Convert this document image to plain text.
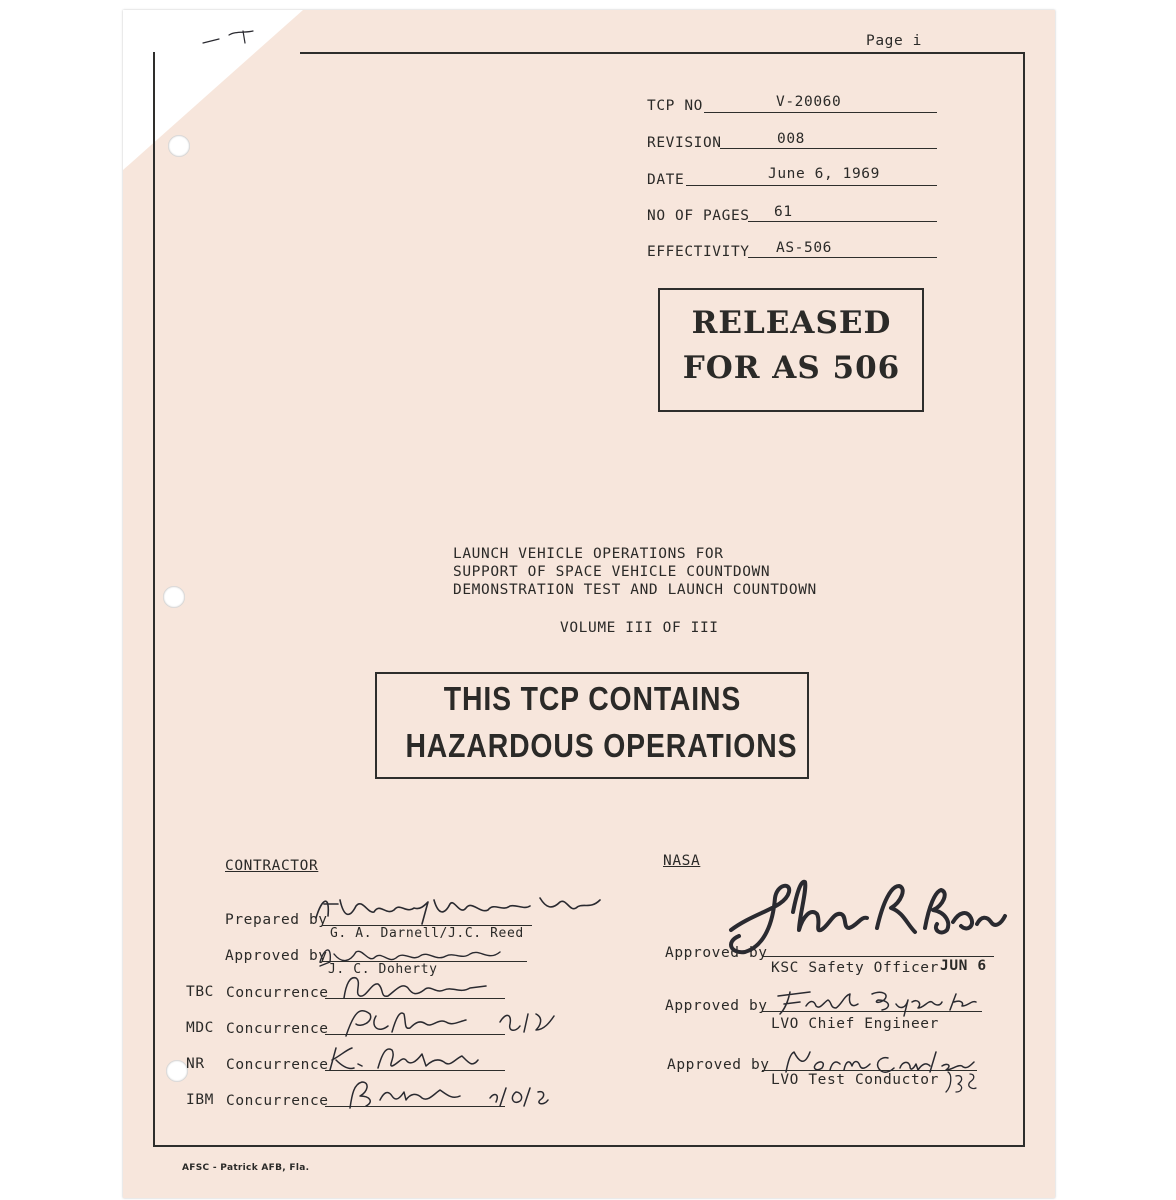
Page i
TCP NO	V-20060
REVISION	008
DATE	June 6, 1969
NO OF PAGES 61
EFFECTIVITY AS-506
RELEASED
FOR AS 506
LAUNCH VEHICLE OPERATIONS FOR
SUPPORT OF SPACE VEHICLE COUNTDOWN
DEMONSTRATION TEST AND LAUNCH COUNTDOWN
VOLUME III OF III
THIS TCP CONTAINS
HAZARDOUS OPERATIONS
CONTRACTOR
Prepared by
G. A. Darnell/J.C. Reed
Approved by
J. C. Doherty
TBC Concurrence
MDC Concurrence
NR Concurrence
IBM Concurrence
NASA
Approved by
KSC Safety Officer JUN 6
Approved by
LVO Chief Engineer
Approved by
LVO Test Conductor
AFSC - Patrick AFB, Fla.
